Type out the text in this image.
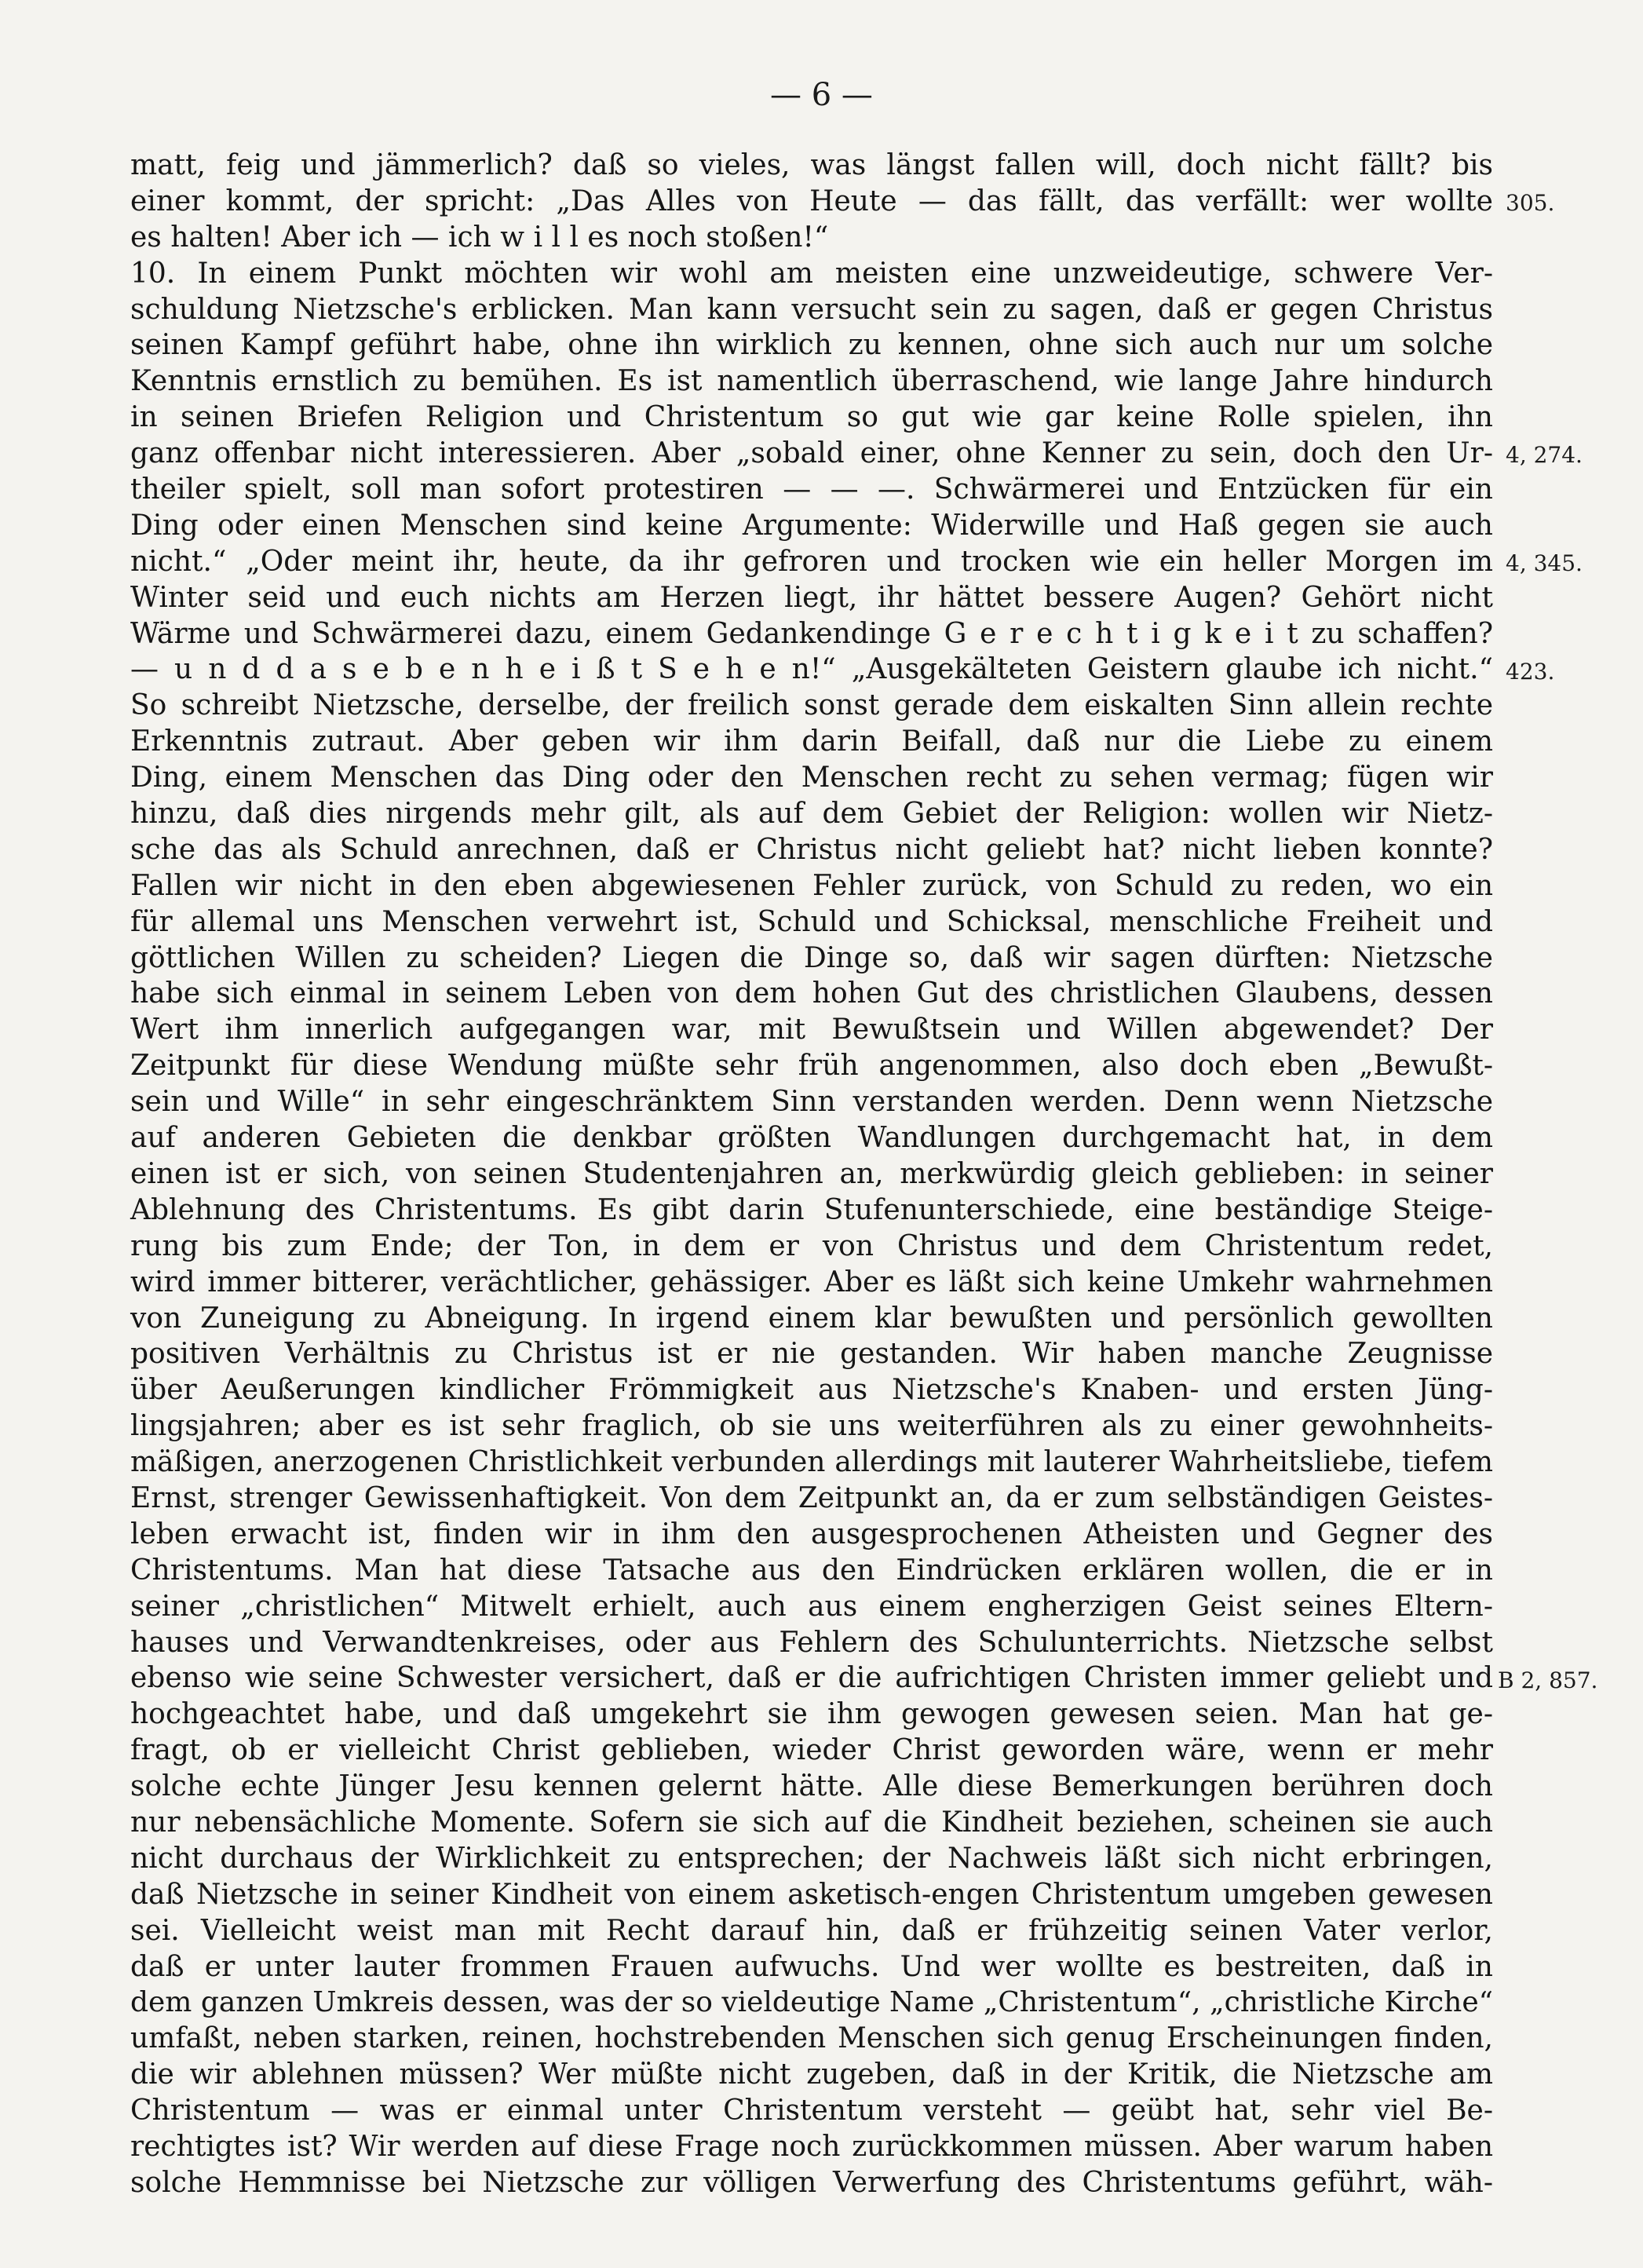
— 6 —
matt, feig und jämmerlich? daß so vieles, was längst fallen will, doch nicht fällt? bis
einer kommt, der spricht: „Das Alles von Heute — das fällt, das verfällt: wer wollte
es halten! Aber ich — ich w i l l es noch stoßen!“
10. In einem Punkt möchten wir wohl am meisten eine unzweideutige, schwere Ver-
schuldung Nietzsche's erblicken. Man kann versucht sein zu sagen, daß er gegen Christus
seinen Kampf geführt habe, ohne ihn wirklich zu kennen, ohne sich auch nur um solche
Kenntnis ernstlich zu bemühen. Es ist namentlich überraschend, wie lange Jahre hindurch
in seinen Briefen Religion und Christentum so gut wie gar keine Rolle spielen, ihn
ganz offenbar nicht interessieren. Aber „sobald einer, ohne Kenner zu sein, doch den Ur-
theiler spielt, soll man sofort protestiren — — —. Schwärmerei und Entzücken für ein
Ding oder einen Menschen sind keine Argumente: Widerwille und Haß gegen sie auch
nicht.“ „Oder meint ihr, heute, da ihr gefroren und trocken wie ein heller Morgen im
Winter seid und euch nichts am Herzen liegt, ihr hättet bessere Augen? Gehört nicht
Wärme und Schwärmerei dazu, einem Gedankendinge G e r e c h t i g k e i t zu schaffen?
— u n d d a s e b e n h e i ß t S e h e n!“ „Ausgekälteten Geistern glaube ich nicht.“
So schreibt Nietzsche, derselbe, der freilich sonst gerade dem eiskalten Sinn allein rechte
Erkenntnis zutraut. Aber geben wir ihm darin Beifall, daß nur die Liebe zu einem
Ding, einem Menschen das Ding oder den Menschen recht zu sehen vermag; fügen wir
hinzu, daß dies nirgends mehr gilt, als auf dem Gebiet der Religion: wollen wir Nietz-
sche das als Schuld anrechnen, daß er Christus nicht geliebt hat? nicht lieben konnte?
Fallen wir nicht in den eben abgewiesenen Fehler zurück, von Schuld zu reden, wo ein
für allemal uns Menschen verwehrt ist, Schuld und Schicksal, menschliche Freiheit und
göttlichen Willen zu scheiden? Liegen die Dinge so, daß wir sagen dürften: Nietzsche
habe sich einmal in seinem Leben von dem hohen Gut des christlichen Glaubens, dessen
Wert ihm innerlich aufgegangen war, mit Bewußtsein und Willen abgewendet? Der
Zeitpunkt für diese Wendung müßte sehr früh angenommen, also doch eben „Bewußt-
sein und Wille“ in sehr eingeschränktem Sinn verstanden werden. Denn wenn Nietzsche
auf anderen Gebieten die denkbar größten Wandlungen durchgemacht hat, in dem
einen ist er sich, von seinen Studentenjahren an, merkwürdig gleich geblieben: in seiner
Ablehnung des Christentums. Es gibt darin Stufenunterschiede, eine beständige Steige-
rung bis zum Ende; der Ton, in dem er von Christus und dem Christentum redet,
wird immer bitterer, verächtlicher, gehässiger. Aber es läßt sich keine Umkehr wahrnehmen
von Zuneigung zu Abneigung. In irgend einem klar bewußten und persönlich gewollten
positiven Verhältnis zu Christus ist er nie gestanden. Wir haben manche Zeugnisse
über Aeußerungen kindlicher Frömmigkeit aus Nietzsche's Knaben- und ersten Jüng-
lingsjahren; aber es ist sehr fraglich, ob sie uns weiterführen als zu einer gewohnheits-
mäßigen, anerzogenen Christlichkeit verbunden allerdings mit lauterer Wahrheitsliebe, tiefem
Ernst, strenger Gewissenhaftigkeit. Von dem Zeitpunkt an, da er zum selbständigen Geistes-
leben erwacht ist, finden wir in ihm den ausgesprochenen Atheisten und Gegner des
Christentums. Man hat diese Tatsache aus den Eindrücken erklären wollen, die er in
seiner „christlichen“ Mitwelt erhielt, auch aus einem engherzigen Geist seines Eltern-
hauses und Verwandtenkreises, oder aus Fehlern des Schulunterrichts. Nietzsche selbst
ebenso wie seine Schwester versichert, daß er die aufrichtigen Christen immer geliebt und
hochgeachtet habe, und daß umgekehrt sie ihm gewogen gewesen seien. Man hat ge-
fragt, ob er vielleicht Christ geblieben, wieder Christ geworden wäre, wenn er mehr
solche echte Jünger Jesu kennen gelernt hätte. Alle diese Bemerkungen berühren doch
nur nebensächliche Momente. Sofern sie sich auf die Kindheit beziehen, scheinen sie auch
nicht durchaus der Wirklichkeit zu entsprechen; der Nachweis läßt sich nicht erbringen,
daß Nietzsche in seiner Kindheit von einem asketisch-engen Christentum umgeben gewesen
sei. Vielleicht weist man mit Recht darauf hin, daß er frühzeitig seinen Vater verlor,
daß er unter lauter frommen Frauen aufwuchs. Und wer wollte es bestreiten, daß in
dem ganzen Umkreis dessen, was der so vieldeutige Name „Christentum“, „christliche Kirche“
umfaßt, neben starken, reinen, hochstrebenden Menschen sich genug Erscheinungen finden,
die wir ablehnen müssen? Wer müßte nicht zugeben, daß in der Kritik, die Nietzsche am
Christentum — was er einmal unter Christentum versteht — geübt hat, sehr viel Be-
rechtigtes ist? Wir werden auf diese Frage noch zurückkommen müssen. Aber warum haben
solche Hemmnisse bei Nietzsche zur völligen Verwerfung des Christentums geführt, wäh-
305.
4, 274.
4, 345.
423.
B 2, 857.
